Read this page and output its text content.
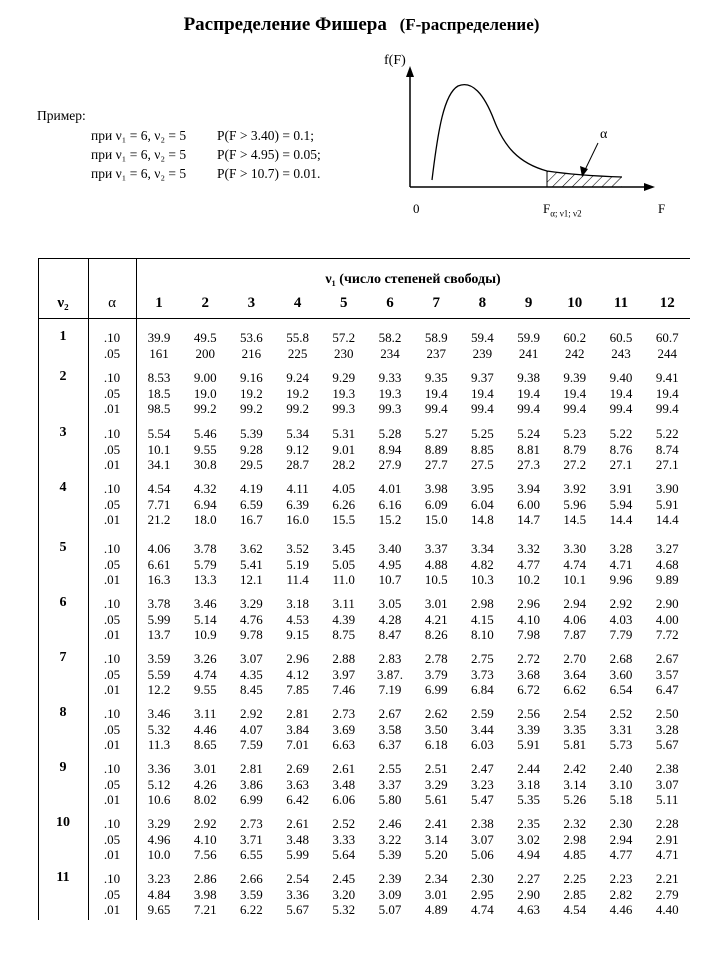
Распределение Фишера (F-распределение)
Пример:
при ν₁ = 6, ν₂ = 5	P(F > 3.40) = 0.1;
при ν₁ = 6, ν₂ = 5	P(F > 4.95) = 0.05;
при ν₁ = 6, ν₂ = 5	P(F > 10.7) = 0.01.
f(F)
α
0	$F_{\alpha; \nu 1; \nu 2}$	F
ν₁ (число степеней свободы)
ν₂	α	1	2	3	4	5	6	7	8	9	10	11	12
1	.10	39.9	49.5	53.6	55.8	57.2	58.2	58.9	59.4	59.9	60.2	60.5	60.7
.05	161	200	216	225	230	234	237	239	241	242	243	244
2	.10	8.53	9.00	9.16	9.24	9.29	9.33	9.35	9.37	9.38	9.39	9.40	9.41
.05	18.5	19.0	19.2	19.2	19.3	19.3	19.4	19.4	19.4	19.4	19.4	19.4
.01	98.5	99.2	99.2	99.2	99.3	99.3	99.4	99.4	99.4	99.4	99.4	99.4
3	.10	5.54	5.46	5.39	5.34	5.31	5.28	5.27	5.25	5.24	5.23	5.22	5.22
.05	10.1	9.55	9.28	9.12	9.01	8.94	8.89	8.85	8.81	8.79	8.76	8.74
.01	34.1	30.8	29.5	28.7	28.2	27.9	27.7	27.5	27.3	27.2	27.1	27.1
4	.10	4.54	4.32	4.19	4.11	4.05	4.01	3.98	3.95	3.94	3.92	3.91	3.90
.05	7.71	6.94	6.59	6.39	6.26	6.16	6.09	6.04	6.00	5.96	5.94	5.91
.01	21.2	18.0	16.7	16.0	15.5	15.2	15.0	14.8	14.7	14.5	14.4	14.4
5	.10	4.06	3.78	3.62	3.52	3.45	3.40	3.37	3.34	3.32	3.30	3.28	3.27
.05	6.61	5.79	5.41	5.19	5.05	4.95	4.88	4.82	4.77	4.74	4.71	4.68
.01	16.3	13.3	12.1	11.4	11.0	10.7	10.5	10.3	10.2	10.1	9.96	9.89
6	.10	3.78	3.46	3.29	3.18	3.11	3.05	3.01	2.98	2.96	2.94	2.92	2.90
.05	5.99	5.14	4.76	4.53	4.39	4.28	4.21	4.15	4.10	4.06	4.03	4.00
.01	13.7	10.9	9.78	9.15	8.75	8.47	8.26	8.10	7.98	7.87	7.79	7.72
7	.10	3.59	3.26	3.07	2.96	2.88	2.83	2.78	2.75	2.72	2.70	2.68	2.67
.05	5.59	4.74	4.35	4.12	3.97	3.87.	3.79	3.73	3.68	3.64	3.60	3.57
.01	12.2	9.55	8.45	7.85	7.46	7.19	6.99	6.84	6.72	6.62	6.54	6.47
8	.10	3.46	3.11	2.92	2.81	2.73	2.67	2.62	2.59	2.56	2.54	2.52	2.50
.05	5.32	4.46	4.07	3.84	3.69	3.58	3.50	3.44	3.39	3.35	3.31	3.28
.01	11.3	8.65	7.59	7.01	6.63	6.37	6.18	6.03	5.91	5.81	5.73	5.67
9	.10	3.36	3.01	2.81	2.69	2.61	2.55	2.51	2.47	2.44	2.42	2.40	2.38
.05	5.12	4.26	3.86	3.63	3.48	3.37	3.29	3.23	3.18	3.14	3.10	3.07
.01	10.6	8.02	6.99	6.42	6.06	5.80	5.61	5.47	5.35	5.26	5.18	5.11
10	.10	3.29	2.92	2.73	2.61	2.52	2.46	2.41	2.38	2.35	2.32	2.30	2.28
.05	4.96	4.10	3.71	3.48	3.33	3.22	3.14	3.07	3.02	2.98	2.94	2.91
.01	10.0	7.56	6.55	5.99	5.64	5.39	5.20	5.06	4.94	4.85	4.77	4.71
11	.10	3.23	2.86	2.66	2.54	2.45	2.39	2.34	2.30	2.27	2.25	2.23	2.21
.05	4.84	3.98	3.59	3.36	3.20	3.09	3.01	2.95	2.90	2.85	2.82	2.79
.01	9.65	7.21	6.22	5.67	5.32	5.07	4.89	4.74	4.63	4.54	4.46	4.40
